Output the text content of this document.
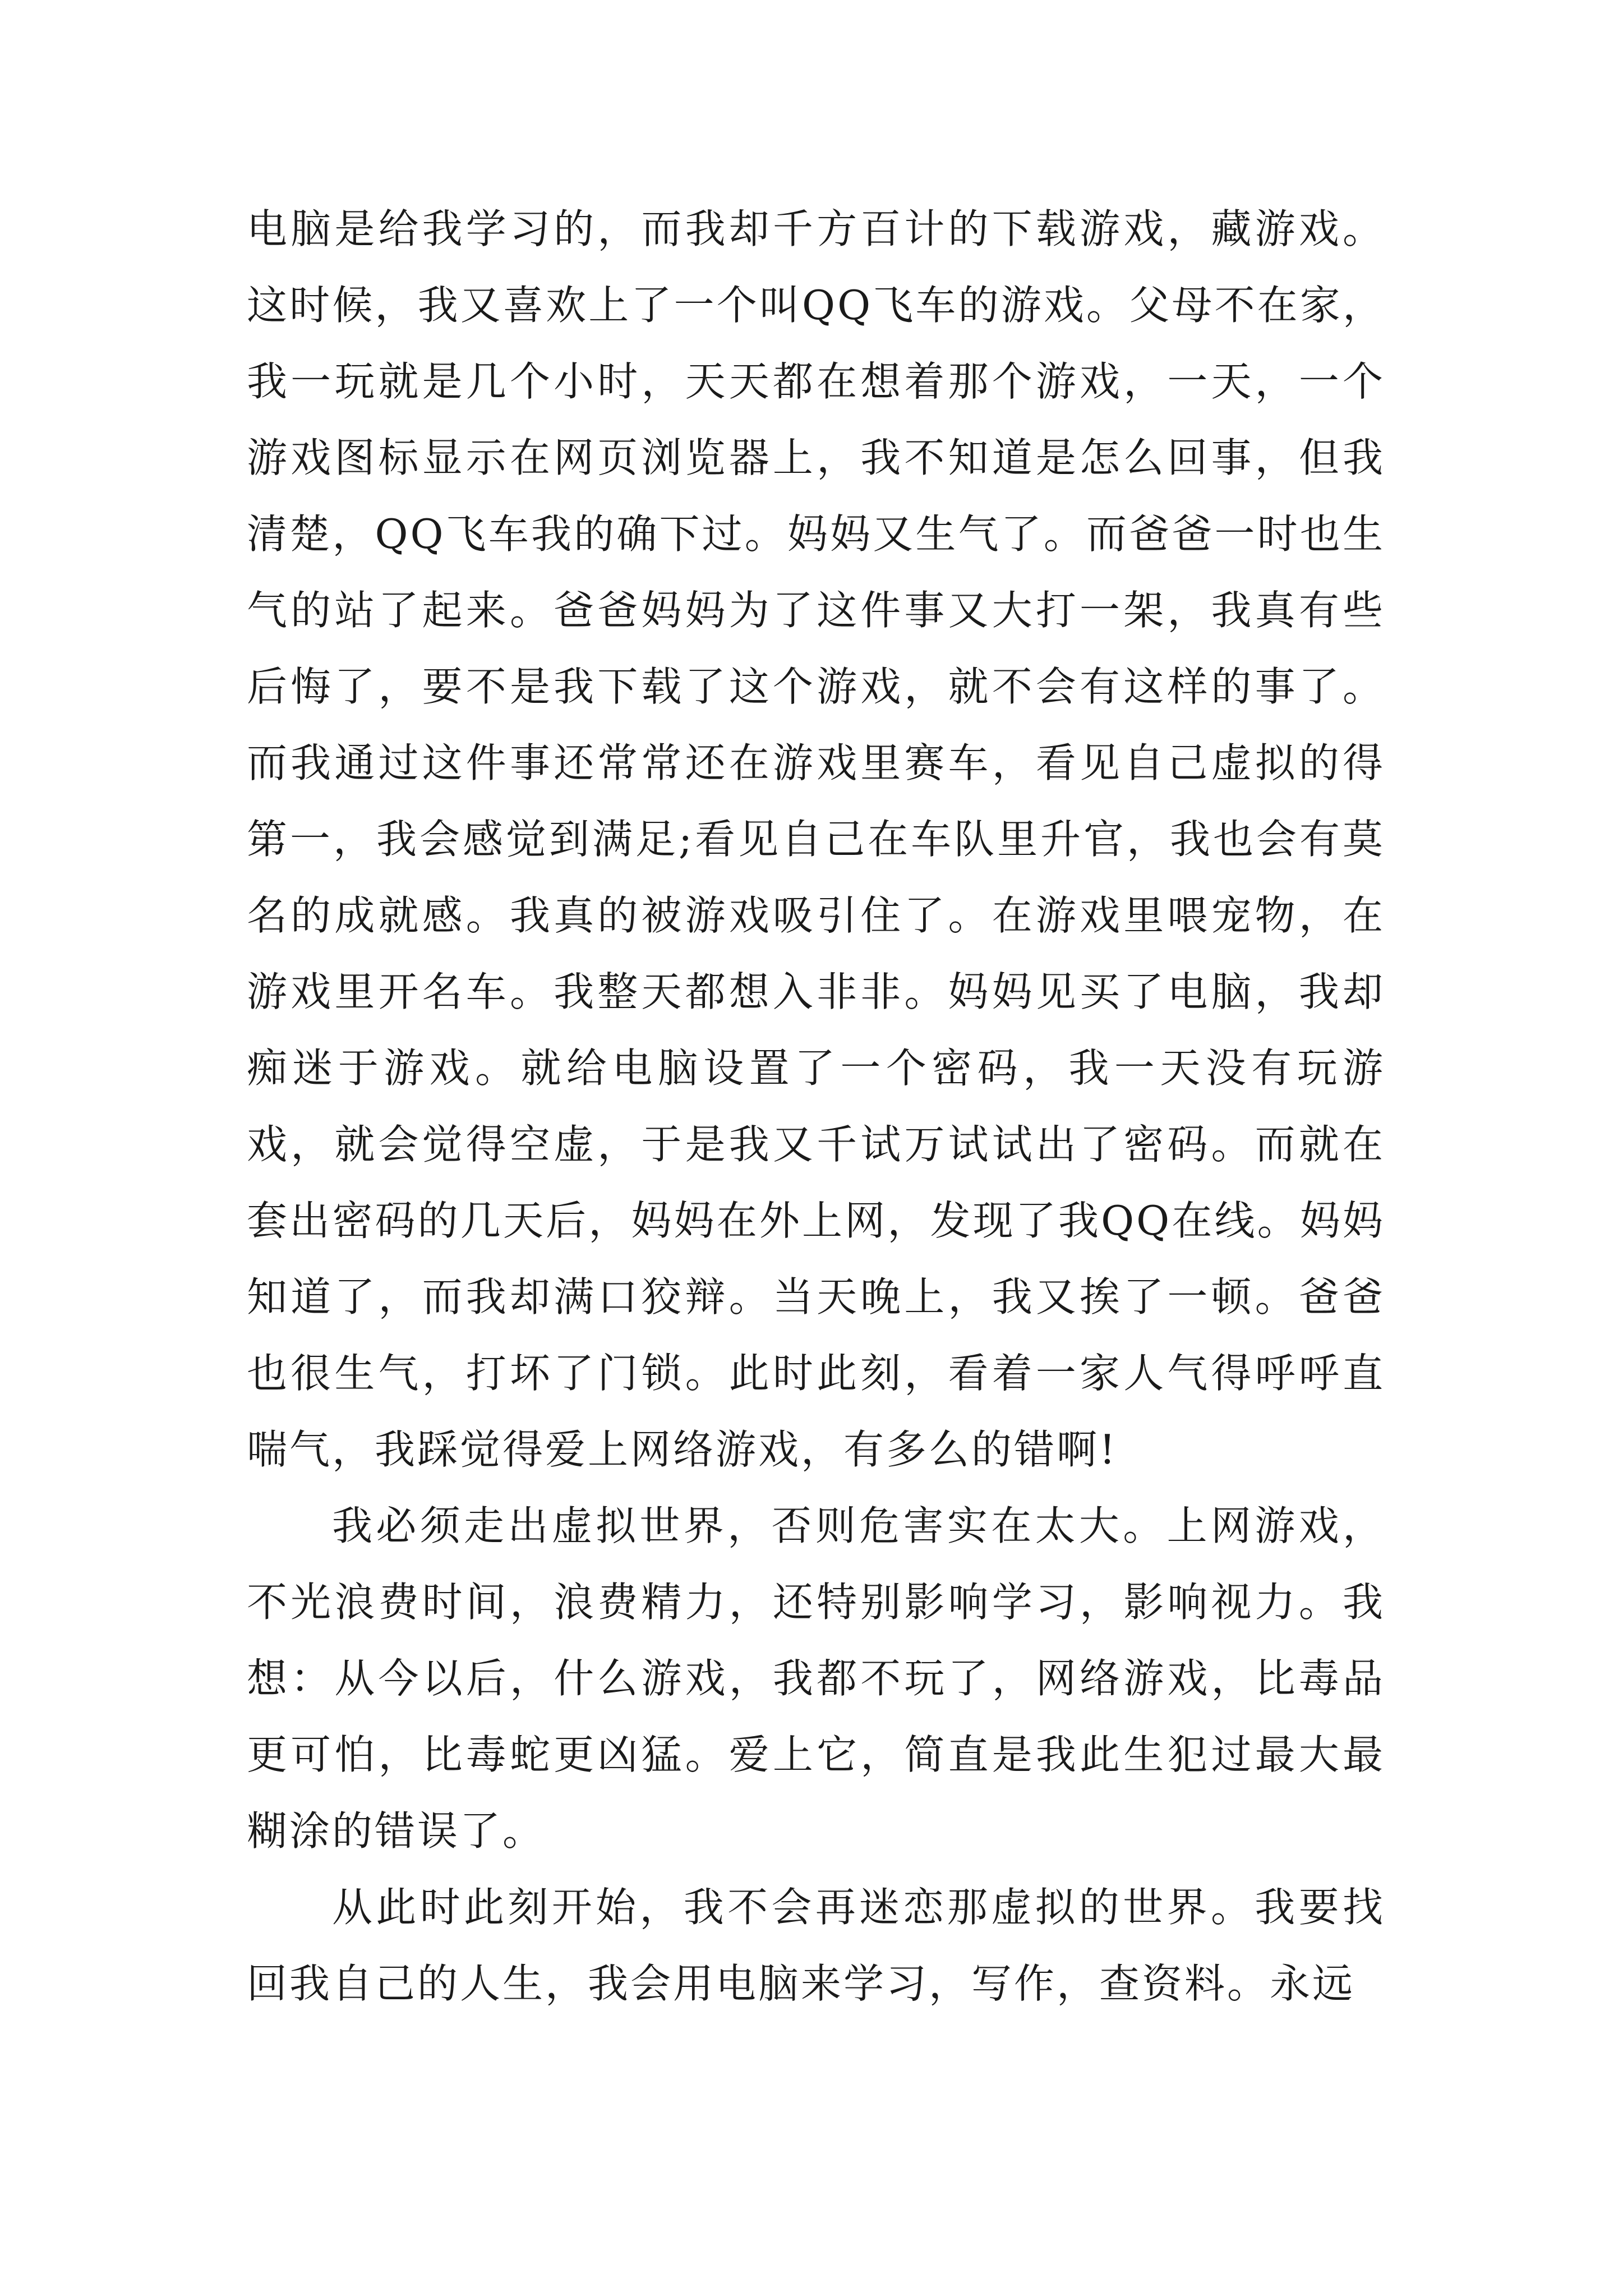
电脑是给我学习的，而我却千方百计的下载游戏，藏游戏。这时候，我又喜欢上了一个叫QQ飞车的游戏。父母不在家，我一玩就是几个小时，天天都在想着那个游戏，一天，一个游戏图标显示在网页浏览器上，我不知道是怎么回事，但我清楚，QQ飞车我的确下过。妈妈又生气了。而爸爸一时也生气的站了起来。爸爸妈妈为了这件事又大打一架，我真有些后悔了，要不是我下载了这个游戏，就不会有这样的事了。而我通过这件事还常常还在游戏里赛车，看见自己虚拟的得第一，我会感觉到满足;看见自己在车队里升官，我也会有莫名的成就感。我真的被游戏吸引住了。在游戏里喂宠物，在游戏里开名车。我整天都想入非非。妈妈见买了电脑，我却痴迷于游戏。就给电脑设置了一个密码，我一天没有玩游戏，就会觉得空虚，于是我又千试万试试出了密码。而就在套出密码的几天后，妈妈在外上网，发现了我QQ在线。妈妈知道了，而我却满口狡辩。当天晚上，我又挨了一顿。爸爸也很生气，打坏了门锁。此时此刻，看着一家人气得呼呼直喘气，我踩觉得爱上网络游戏，有多么的错啊!

我必须走出虚拟世界，否则危害实在太大。上网游戏，不光浪费时间，浪费精力，还特别影响学习，影响视力。我想：从今以后，什么游戏，我都不玩了，网络游戏，比毒品更可怕，比毒蛇更凶猛。爱上它，简直是我此生犯过最大最糊涂的错误了。

从此时此刻开始，我不会再迷恋那虚拟的世界。我要找回我自己的人生，我会用电脑来学习，写作，查资料。永远
